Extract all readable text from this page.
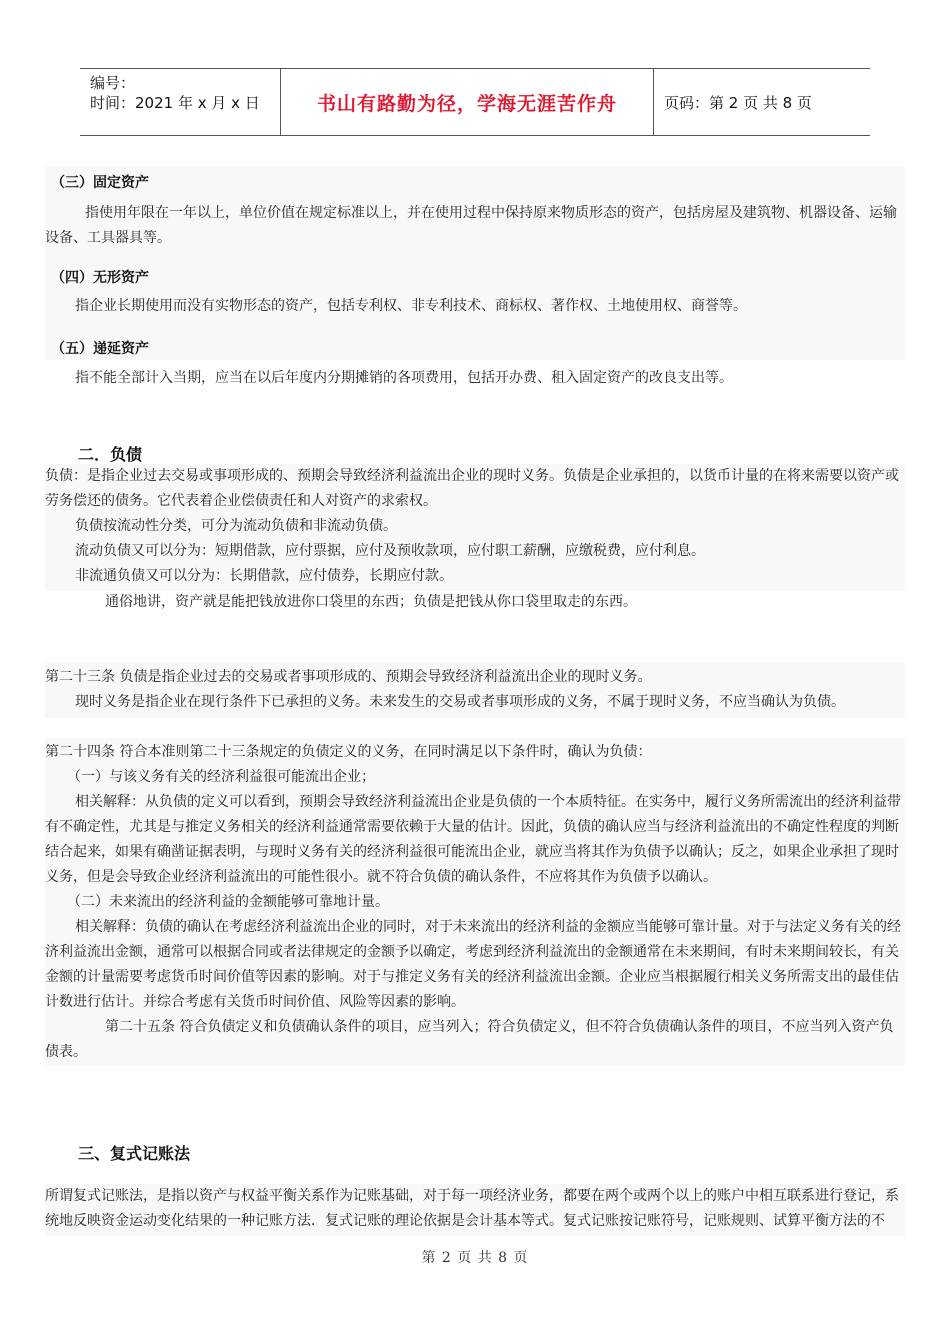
编号：
时间：2021 年 x 月 x 日	书山有路勤为径，学海无涯苦作舟	页码：第 2 页 共 8 页
（三）固定资产
指使用年限在一年以上，单位价值在规定标准以上，并在使用过程中保持原来物质形态的资产，包括房屋及建筑物、机器设备、运输设备、工具器具等。
（四）无形资产
指企业长期使用而没有实物形态的资产，包括专利权、非专利技术、商标权、著作权、土地使用权、商誉等。
（五）递延资产
指不能全部计入当期，应当在以后年度内分期摊销的各项费用，包括开办费、租入固定资产的改良支出等。
二．负债
负债：是指企业过去交易或事项形成的、预期会导致经济利益流出企业的现时义务。负债是企业承担的，以货币计量的在将来需要以资产或劳务偿还的债务。它代表着企业偿债责任和人对资产的求索权。
负债按流动性分类，可分为流动负债和非流动负债。
流动负债又可以分为：短期借款，应付票据，应付及预收款项，应付职工薪酬，应缴税费，应付利息。
非流通负债又可以分为：长期借款，应付债券，长期应付款。
通俗地讲，资产就是能把钱放进你口袋里的东西；负债是把钱从你口袋里取走的东西。
第二十三条 负债是指企业过去的交易或者事项形成的、预期会导致经济利益流出企业的现时义务。
现时义务是指企业在现行条件下已承担的义务。未来发生的交易或者事项形成的义务，不属于现时义务，不应当确认为负债。
第二十四条 符合本准则第二十三条规定的负债定义的义务，在同时满足以下条件时，确认为负债：
（一）与该义务有关的经济利益很可能流出企业；
相关解释：从负债的定义可以看到，预期会导致经济利益流出企业是负债的一个本质特征。在实务中，履行义务所需流出的经济利益带有不确定性，尤其是与推定义务相关的经济利益通常需要依赖于大量的估计。因此，负债的确认应当与经济利益流出的不确定性程度的判断结合起来，如果有确凿证据表明，与现时义务有关的经济利益很可能流出企业，就应当将其作为负债予以确认；反之，如果企业承担了现时义务，但是会导致企业经济利益流出的可能性很小。就不符合负债的确认条件，不应将其作为负债予以确认。
（二）未来流出的经济利益的金额能够可靠地计量。
相关解释：负债的确认在考虑经济利益流出企业的同时，对于未来流出的经济利益的金额应当能够可靠计量。对于与法定义务有关的经济利益流出金额，通常可以根据合同或者法律规定的金额予以确定，考虑到经济利益流出的金额通常在未来期间，有时未来期间较长，有关金额的计量需要考虑货币时间价值等因素的影响。对于与推定义务有关的经济利益流出金额。企业应当根据履行相关义务所需支出的最佳估计数进行估计。并综合考虑有关货币时间价值、风险等因素的影响。
第二十五条 符合负债定义和负债确认条件的项目，应当列入；符合负债定义，但不符合负债确认条件的项目，不应当列入资产负债表。
三、复式记账法
所谓复式记账法，是指以资产与权益平衡关系作为记账基础，对于每一项经济业务，都要在两个或两个以上的账户中相互联系进行登记，系统地反映资金运动变化结果的一种记账方法．复式记账的理论依据是会计基本等式。复式记账按记账符号，记账规则、试算平衡方法的不
第 2 页 共 8 页
